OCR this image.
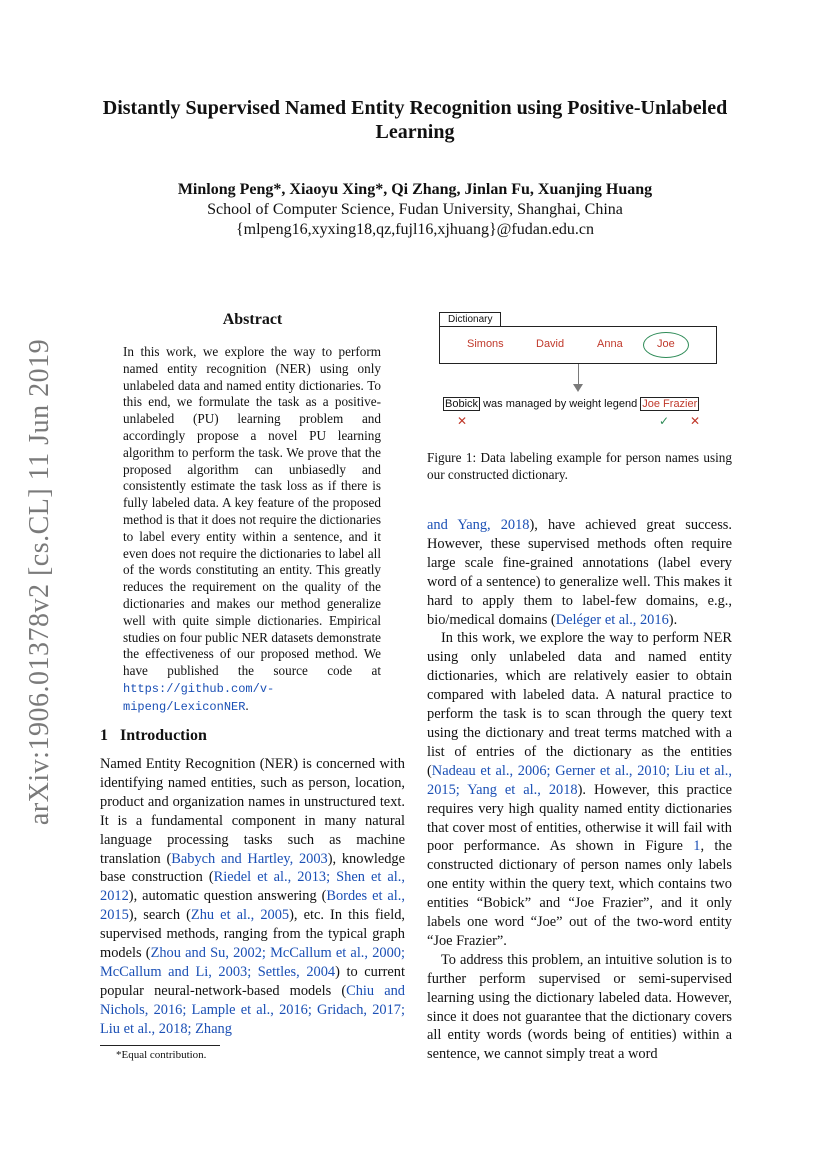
arXiv:1906.01378v2 [cs.CL] 11 Jun 2019
Distantly Supervised Named Entity Recognition using Positive-Unlabeled
Learning
Minlong Peng*, Xiaoyu Xing*, Qi Zhang, Jinlan Fu, Xuanjing Huang
School of Computer Science, Fudan University, Shanghai, China
{mlpeng16,xyxing18,qz,fujl16,xjhuang}@fudan.edu.cn
Abstract
In this work, we explore the way to perform named entity recognition (NER) using only unlabeled data and named entity dictionaries. To this end, we formulate the task as a positive-unlabeled (PU) learning problem and accordingly propose a novel PU learning algorithm to perform the task. We prove that the proposed algorithm can unbiasedly and consistently estimate the task loss as if there is fully labeled data. A key feature of the proposed method is that it does not require the dictionaries to label every entity within a sentence, and it even does not require the dictionaries to label all of the words constituting an entity. This greatly reduces the requirement on the quality of the dictionaries and makes our method generalize well with quite simple dictionaries. Empirical studies on four public NER datasets demonstrate the effectiveness of our proposed method. We have published the source code at https://github.com/v-mipeng/LexiconNER.
1 Introduction
Named Entity Recognition (NER) is concerned with identifying named entities, such as person, location, product and organization names in unstructured text. It is a fundamental component in many natural language processing tasks such as machine translation (Babych and Hartley, 2003), knowledge base construction (Riedel et al., 2013; Shen et al., 2012), automatic question answering (Bordes et al., 2015), search (Zhu et al., 2005), etc. In this field, supervised methods, ranging from the typical graph models (Zhou and Su, 2002; McCallum et al., 2000; McCallum and Li, 2003; Settles, 2004) to current popular neural-network-based models (Chiu and Nichols, 2016; Lample et al., 2016; Gridach, 2017; Liu et al., 2018; Zhang
*Equal contribution.
Dictionary
Simons	David	Anna	Joe
Bobick was managed by weight legend Joe Frazier
✕	✓ ✕
Figure 1: Data labeling example for person names using our constructed dictionary.

and Yang, 2018), have achieved great success. However, these supervised methods often require large scale fine-grained annotations (label every word of a sentence) to generalize well. This makes it hard to apply them to label-few domains, e.g., bio/medical domains (Deléger et al., 2016).

In this work, we explore the way to perform NER using only unlabeled data and named entity dictionaries, which are relatively easier to obtain compared with labeled data. A natural practice to perform the task is to scan through the query text using the dictionary and treat terms matched with a list of entries of the dictionary as the entities (Nadeau et al., 2006; Gerner et al., 2010; Liu et al., 2015; Yang et al., 2018). However, this practice requires very high quality named entity dictionaries that cover most of entities, otherwise it will fail with poor performance. As shown in Figure 1, the constructed dictionary of person names only labels one entity within the query text, which contains two entities “Bobick” and “Joe Frazier”, and it only labels one word “Joe” out of the two-word entity “Joe Frazier”.

To address this problem, an intuitive solution is to further perform supervised or semi-supervised learning using the dictionary labeled data. However, since it does not guarantee that the dictionary covers all entity words (words being of entities) within a sentence, we cannot simply treat a word
